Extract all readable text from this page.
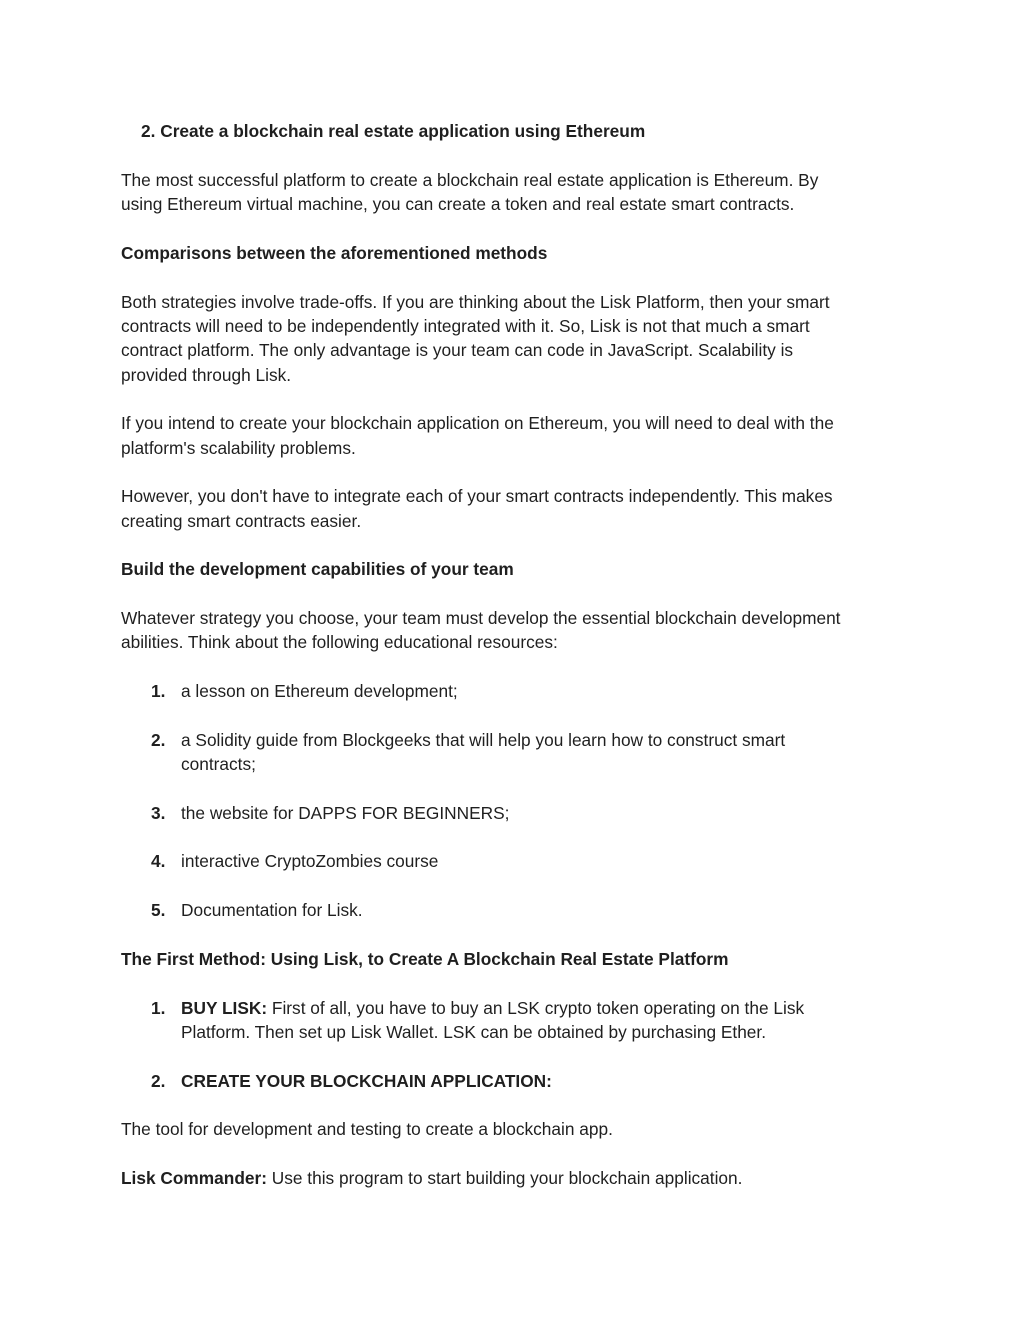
2. Create a blockchain real estate application using Ethereum
The most successful platform to create a blockchain real estate application is Ethereum. By
using Ethereum virtual machine, you can create a token and real estate smart contracts.
Comparisons between the aforementioned methods
Both strategies involve trade-offs. If you are thinking about the Lisk Platform, then your smart
contracts will need to be independently integrated with it. So, Lisk is not that much a smart
contract platform. The only advantage is your team can code in JavaScript. Scalability is
provided through Lisk.
If you intend to create your blockchain application on Ethereum, you will need to deal with the
platform's scalability problems.
However, you don't have to integrate each of your smart contracts independently. This makes
creating smart contracts easier.
Build the development capabilities of your team
Whatever strategy you choose, your team must develop the essential blockchain development
abilities. Think about the following educational resources:
1. a lesson on Ethereum development;
2. a Solidity guide from Blockgeeks that will help you learn how to construct smart
contracts;
3. the website for DAPPS FOR BEGINNERS;
4. interactive CryptoZombies course
5. Documentation for Lisk.
The First Method: Using Lisk, to Create A Blockchain Real Estate Platform
1. BUY LISK: First of all, you have to buy an LSK crypto token operating on the Lisk
Platform. Then set up Lisk Wallet. LSK can be obtained by purchasing Ether.
2. CREATE YOUR BLOCKCHAIN APPLICATION:
The tool for development and testing to create a blockchain app.
Lisk Commander: Use this program to start building your blockchain application.
